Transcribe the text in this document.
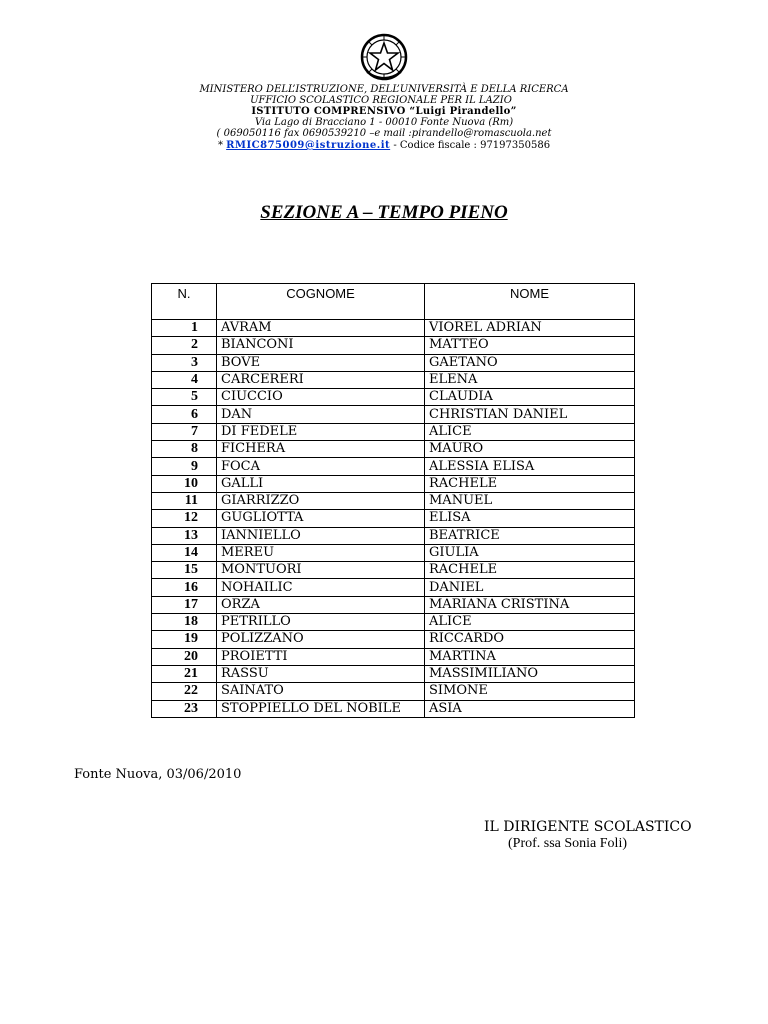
MINISTERO DELL’ISTRUZIONE, DELL’UNIVERSITÀ E DELLA RICERCA
UFFICIO SCOLASTICO REGIONALE PER IL LAZIO
ISTITUTO COMPRENSIVO “Luigi Pirandello”
Via Lago di Bracciano 1 - 00010 Fonte Nuova (Rm)
( 069050116 fax 0690539210 –e mail :pirandello@romascuola.net
* RMIC875009@istruzione.it - Codice fiscale : 97197350586
SEZIONE A – TEMPO PIENO
N.	COGNOME	NOME
1	AVRAM	VIOREL ADRIAN
2	BIANCONI	MATTEO
3	BOVE	GAETANO
4	CARCERERI	ELENA
5	CIUCCIO	CLAUDIA
6	DAN	CHRISTIAN DANIEL
7	DI FEDELE	ALICE
8	FICHERA	MAURO
9	FOCA	ALESSIA ELISA
10	GALLI	RACHELE
11	GIARRIZZO	MANUEL
12	GUGLIOTTA	ELISA
13	IANNIELLO	BEATRICE
14	MEREU	GIULIA
15	MONTUORI	RACHELE
16	NOHAILIC	DANIEL
17	ORZA	MARIANA CRISTINA
18	PETRILLO	ALICE
19	POLIZZANO	RICCARDO
20	PROIETTI	MARTINA
21	RASSU	MASSIMILIANO
22	SAINATO	SIMONE
23	STOPPIELLO DEL NOBILE	ASIA
Fonte Nuova, 03/06/2010
IL DIRIGENTE SCOLASTICO
(Prof. ssa Sonia Foli)
